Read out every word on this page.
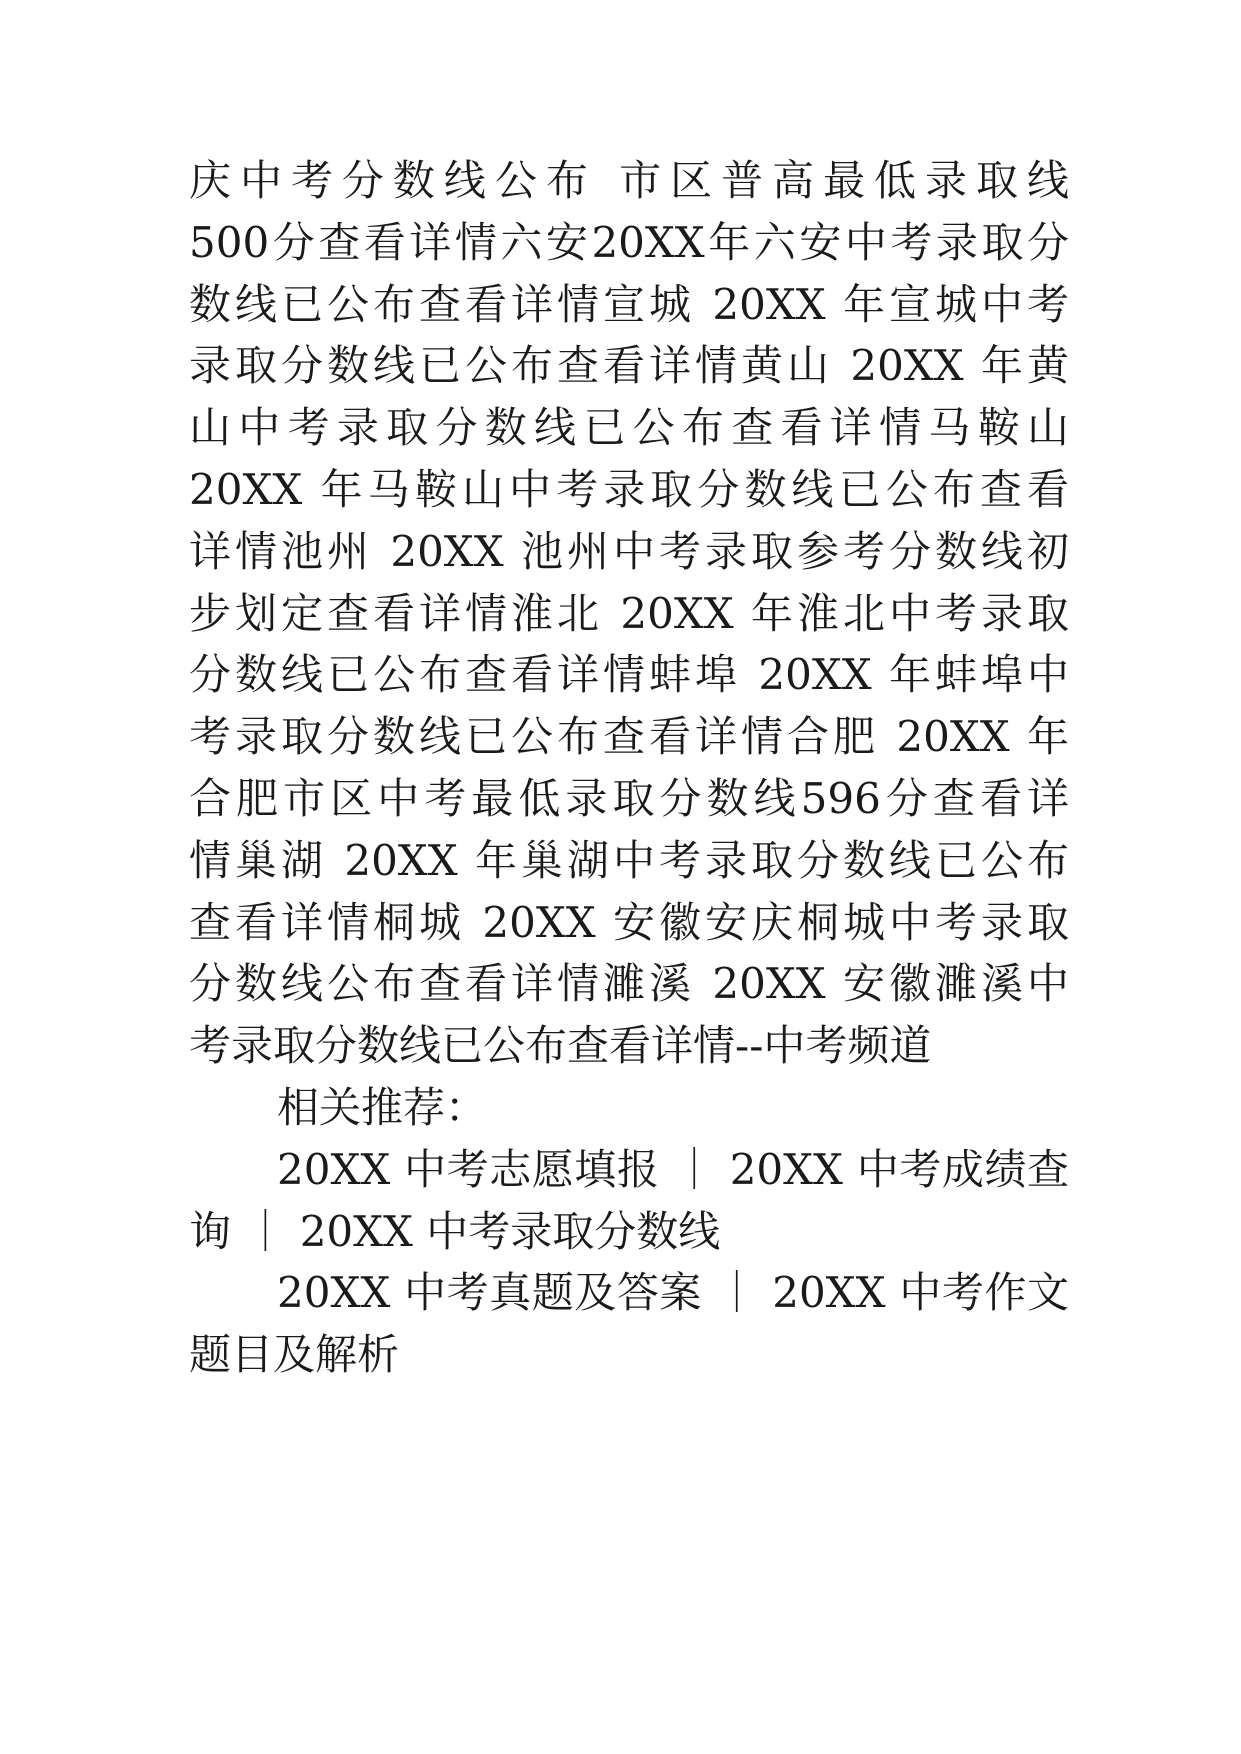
庆中考分数线公布 市区普高最低录取线
500分查看详情六安20XX年六安中考录取分
数线已公布查看详情宣城 20XX 年宣城中考
录取分数线已公布查看详情黄山 20XX 年黄
山中考录取分数线已公布查看详情马鞍山
20XX 年马鞍山中考录取分数线已公布查看
详情池州 20XX 池州中考录取参考分数线初
步划定查看详情淮北 20XX 年淮北中考录取
分数线已公布查看详情蚌埠 20XX 年蚌埠中
考录取分数线已公布查看详情合肥 20XX 年
合肥市区中考最低录取分数线596分查看详
情巢湖 20XX 年巢湖中考录取分数线已公布
查看详情桐城 20XX 安徽安庆桐城中考录取
分数线公布查看详情濉溪 20XX 安徽濉溪中
考录取分数线已公布查看详情--中考频道
相关推荐：
20XX 中考志愿填报 ｜ 20XX 中考成绩查
询 ｜ 20XX 中考录取分数线
20XX 中考真题及答案 ｜ 20XX 中考作文
题目及解析
